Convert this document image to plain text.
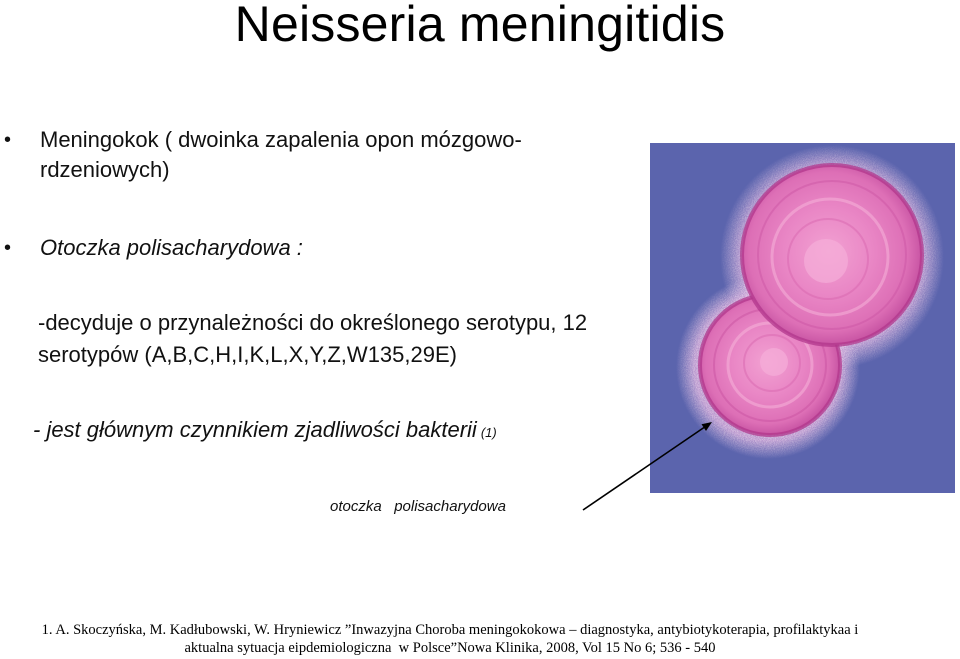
Neisseria meningitidis
• Meningokok ( dwoinka zapalenia opon mózgowo-
rdzeniowych)
• Otoczka polisacharydowa :
-decyduje o przynależności do określonego serotypu, 12
serotypów (A,B,C,H,I,K,L,X,Y,Z,W135,29E)
- jest głównym czynnikiem zjadliwości bakterii (1)
otoczka   polisacharydowa
1. A. Skoczyńska, M. Kadłubowski, W. Hryniewicz ”Inwazyjna Choroba meningokokowa – diagnostyka, antybiotykoterapia, profilaktykaa i
aktualna sytuacja eipdemiologiczna  w Polsce”Nowa Klinika, 2008, Vol 15 No 6; 536 - 540
